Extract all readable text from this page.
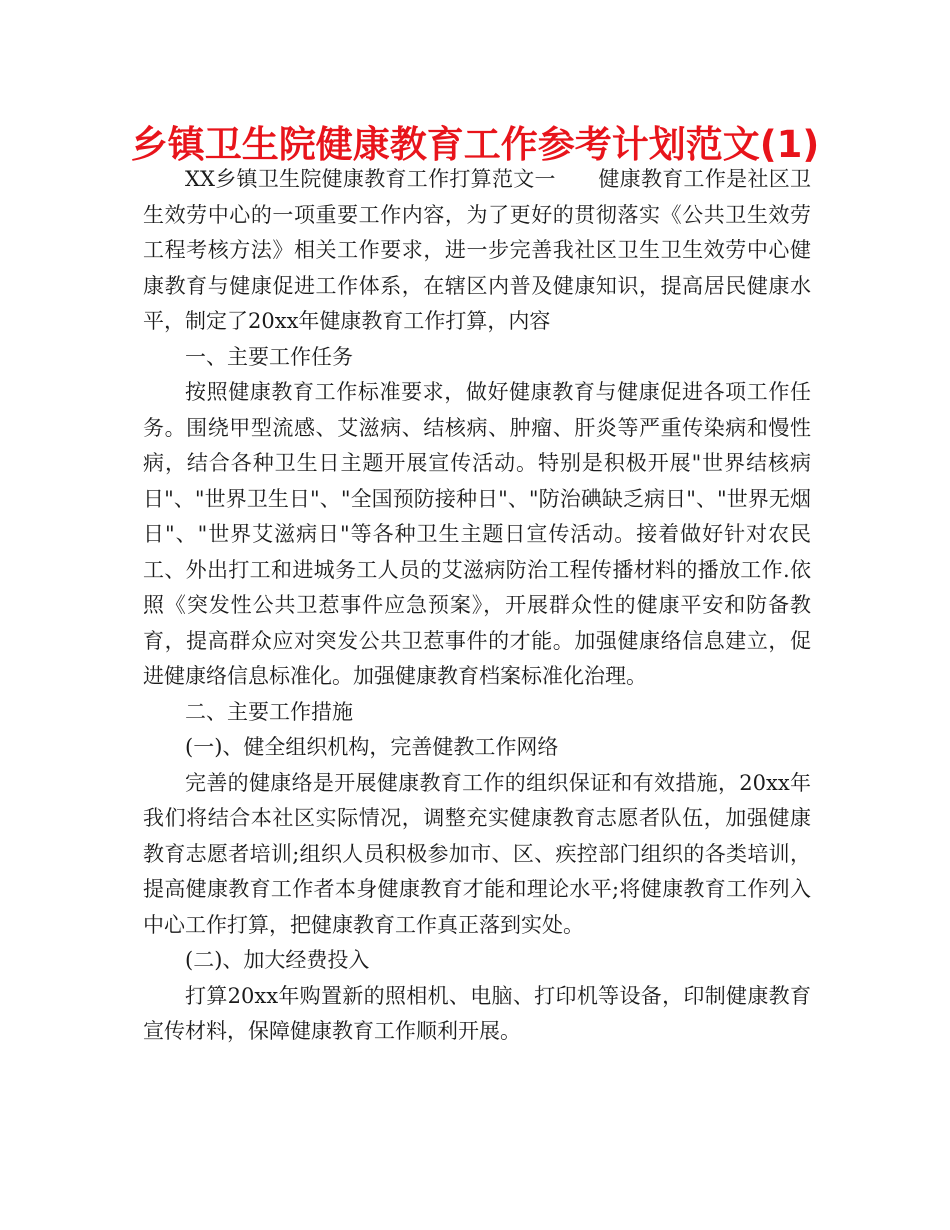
乡镇卫生院健康教育工作参考计划范文(1)

XX乡镇卫生院健康教育工作打算范文一　　健康教育工作是社区卫生效劳中心的一项重要工作内容，为了更好的贯彻落实《公共卫生效劳工程考核方法》相关工作要求，进一步完善我社区卫生卫生效劳中心健康教育与健康促进工作体系，在辖区内普及健康知识，提高居民健康水平，制定了20xx年健康教育工作打算，内容

一、主要工作任务

按照健康教育工作标准要求，做好健康教育与健康促进各项工作任务。围绕甲型流感、艾滋病、结核病、肿瘤、肝炎等严重传染病和慢性病，结合各种卫生日主题开展宣传活动。特别是积极开展"世界结核病日"、"世界卫生日"、"全国预防接种日"、"防治碘缺乏病日"、"世界无烟日"、"世界艾滋病日"等各种卫生主题日宣传活动。接着做好针对农民工、外出打工和进城务工人员的艾滋病防治工程传播材料的播放工作.依照《突发性公共卫惹事件应急预案》，开展群众性的健康平安和防备教育，提高群众应对突发公共卫惹事件的才能。加强健康络信息建立，促进健康络信息标准化。加强健康教育档案标准化治理。

二、主要工作措施

(一)、健全组织机构，完善健教工作网络

完善的健康络是开展健康教育工作的组织保证和有效措施，20xx年我们将结合本社区实际情况，调整充实健康教育志愿者队伍，加强健康教育志愿者培训;组织人员积极参加市、区、疾控部门组织的各类培训，提高健康教育工作者本身健康教育才能和理论水平;将健康教育工作列入中心工作打算，把健康教育工作真正落到实处。

(二)、加大经费投入

打算20xx年购置新的照相机、电脑、打印机等设备，印制健康教育宣传材料，保障健康教育工作顺利开展。
